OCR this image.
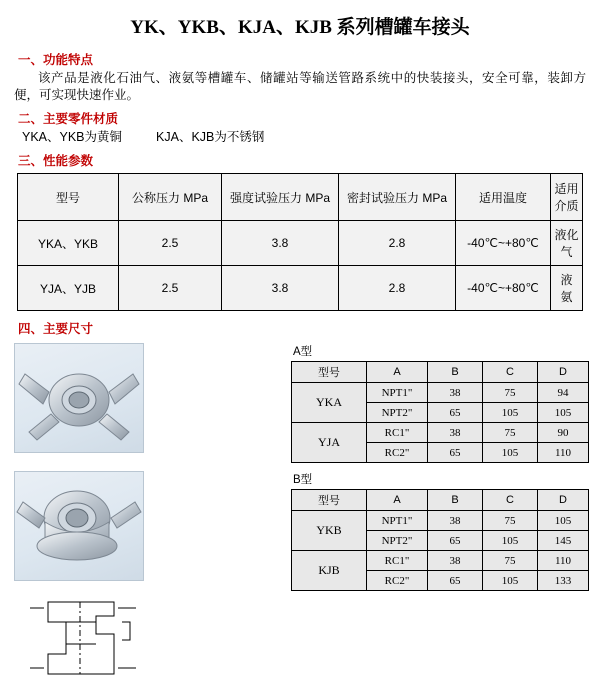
YK、YKB、KJA、KJB 系列槽罐车接头
一、功能特点
该产品是液化石油气、液氨等槽罐车、储罐站等输送管路系统中的快装接头，安全可靠，装卸方便，可实现快速作业。
二、主要零件材质
YKA、YKB为黄铜	KJA、KJB为不锈钢
三、性能参数
型号	公称压力 MPa	强度试验压力 MPa	密封试验压力 MPa	适用温度	适用介质
YKA、YKB	2.5	3.8	2.8	-40℃~+80℃	液化气
YJA、YJB	2.5	3.8	2.8	-40℃~+80℃	液 氨
四、主要尺寸

A型
型号	A	B	C	D
YKA	NPT1"	38	75	94
	NPT2"	65	105	105
YJA	RC1"	38	75	90
	RC2"	65	105	110
B型
型号	A	B	C	D
YKB	NPT1"	38	75	105
	NPT2"	65	105	145
KJB	RC1"	38	75	110
	RC2"	65	105	133
